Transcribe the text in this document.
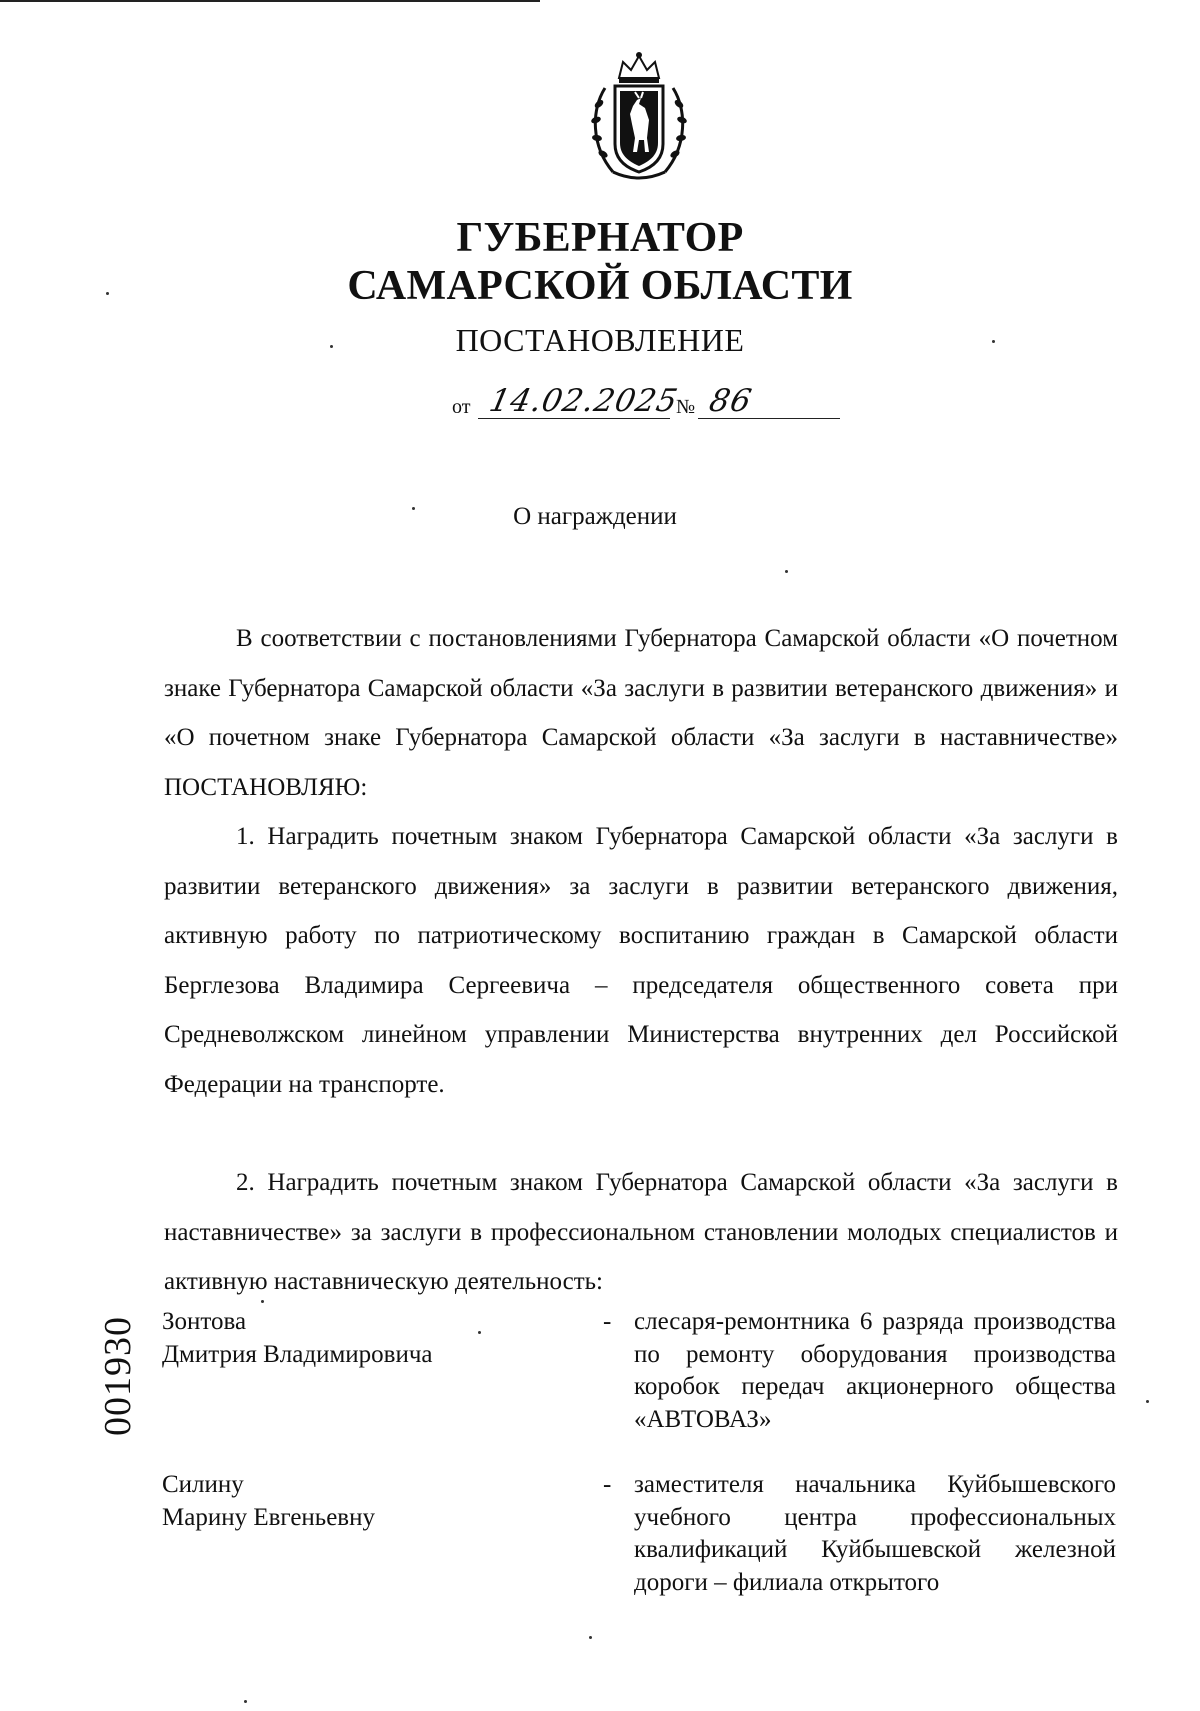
ГУБЕРНАТОР
САМАРСКОЙ ОБЛАСТИ
ПОСТАНОВЛЕНИЕ
от 14.02.2025
№ 86
О награждении

В соответствии с постановлениями Губернатора Самарской области «О почетном знаке Губернатора Самарской области «За заслуги в развитии ветеранского движения» и «О почетном знаке Губернатора Самарской области «За заслуги в наставничестве» ПОСТАНОВЛЯЮ:

1. Наградить почетным знаком Губернатора Самарской области «За заслуги в развитии ветеранского движения» за заслуги в развитии ветеранского движения, активную работу по патриотическому воспитанию граждан в Самарской области Берглезова Владимира Сергеевича – председателя общественного совета при Средневолжском линейном управлении Министерства внутренних дел Российской Федерации на транспорте.

2. Наградить почетным знаком Губернатора Самарской области «За заслуги в наставничестве» за заслуги в профессиональном становлении молодых специалистов и активную наставническую деятельность:

Зонтова
Дмитрия Владимировича
- слесаря-ремонтника 6 разряда производства по ремонту оборудования производства коробок передач акционерного общества «АВТОВАЗ»
Силину
Марину Евгеньевну
- заместителя начальника Куйбышевского учебного центра профессиональных квалификаций Куйбышевской железной дороги – филиала открытого
001930
